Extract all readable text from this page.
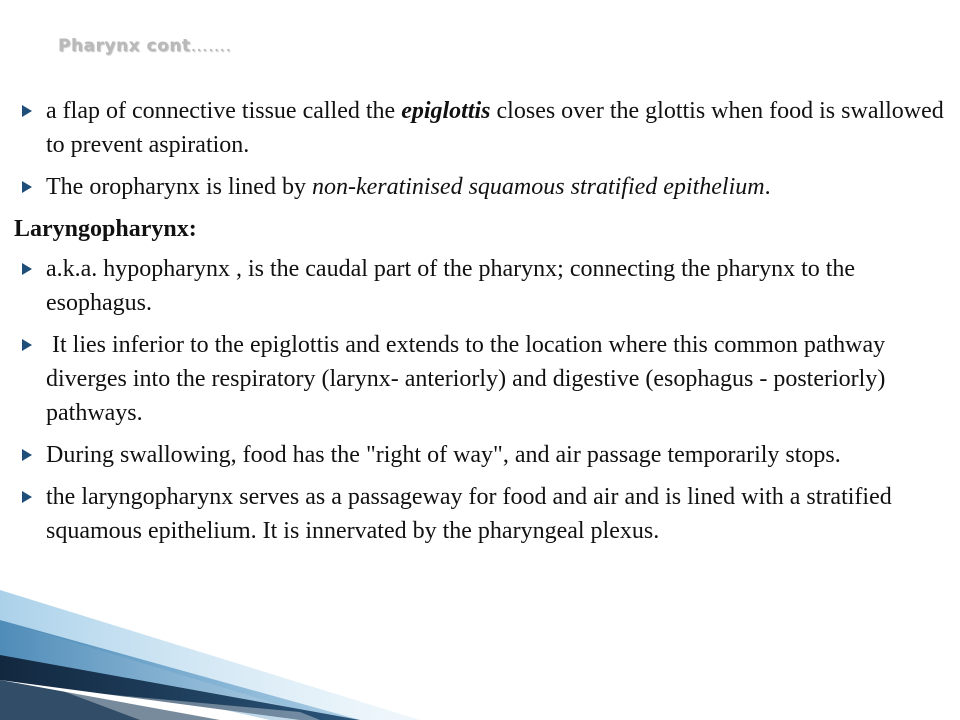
Pharynx cont…….
a flap of connective tissue called the epiglottis closes over the glottis when food is swallowed to prevent aspiration.
The oropharynx is lined by non-keratinised squamous stratified epithelium.
Laryngopharynx:
a.k.a. hypopharynx , is the caudal part of the pharynx; connecting the pharynx to the esophagus.
It lies inferior to the epiglottis and extends to the location where this common pathway diverges into the respiratory (larynx- anteriorly) and digestive (esophagus - posteriorly) pathways.
During swallowing, food has the "right of way", and air passage temporarily stops.
the laryngopharynx serves as a passageway for food and air and is lined with a stratified squamous epithelium. It is innervated by the pharyngeal plexus.
